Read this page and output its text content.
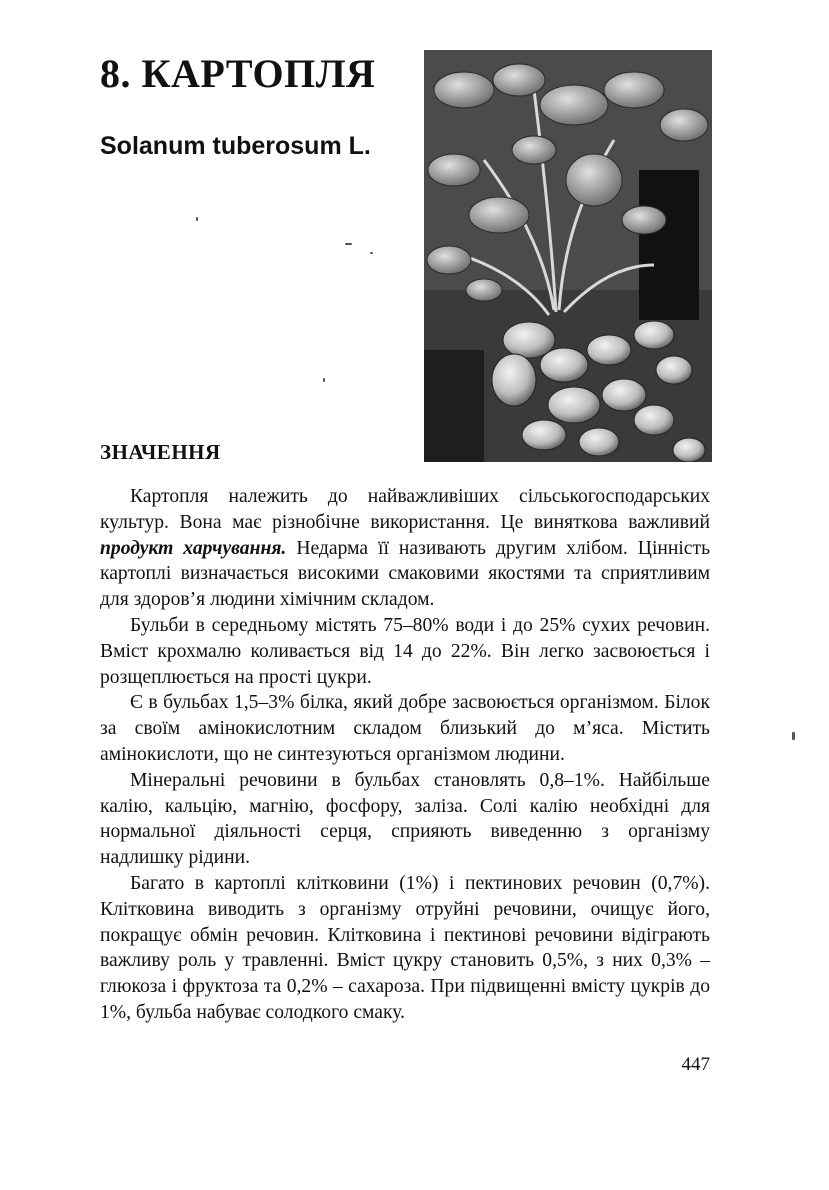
8. КАРТОПЛЯ
Solanum tuberosum L.
ЗНАЧЕННЯ

Картопля належить до найважливіших сільськогосподарських культур. Вона має різнобічне використання. Це виняткова важливий продукт харчування. Недарма її називають другим хлібом. Цінність картоплі визначається високими смаковими якостями та сприятливим для здоров’я людини хімічним складом.

Бульби в середньому містять 75–80% води і до 25% сухих речовин. Вміст крохмалю коливається від 14 до 22%. Він легко засвоюється і розщеплюється на прості цукри.

Є в бульбах 1,5–3% білка, який добре засвоюється організмом. Білок за своїм амінокислотним складом близький до м’яса. Містить амінокислоти, що не синтезуються організмом людини.

Мінеральні речовини в бульбах становлять 0,8–1%. Найбільше калію, кальцію, магнію, фосфору, заліза. Солі калію необхідні для нормальної діяльності серця, сприяють виведенню з організму надлишку рідини.

Багато в картоплі клітковини (1%) і пектинових речовин (0,7%). Клітковина виводить з організму отруйні речовини, очищує його, покращує обмін речовин. Клітковина і пектинові речовини відіграють важливу роль у травленні. Вміст цукру становить 0,5%, з них 0,3% – глюкоза і фруктоза та 0,2% – сахароза. При підвищенні вмісту цукрів до 1%, бульба набуває солодкого смаку.

447
